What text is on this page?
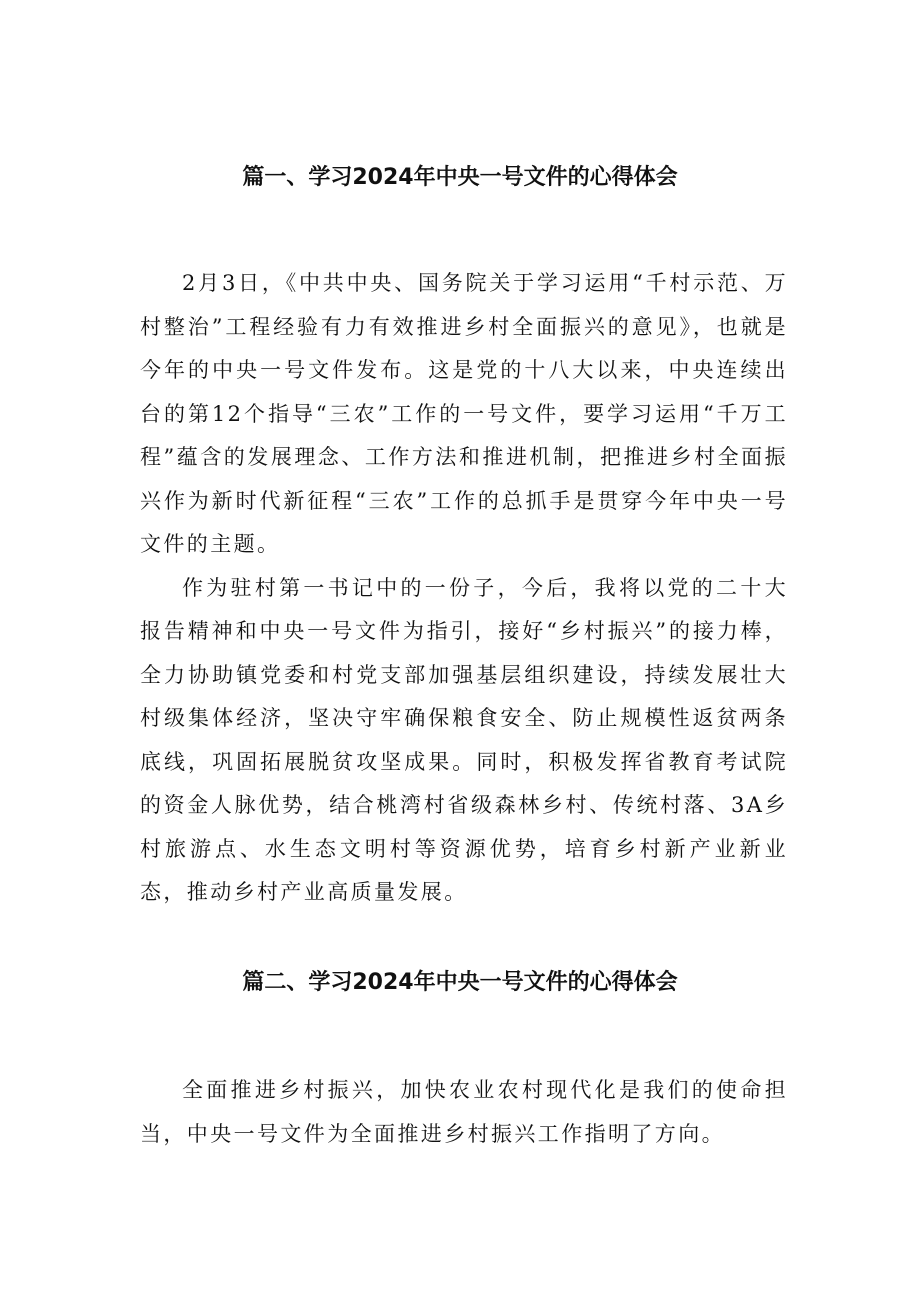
篇一、学习2024年中央一号文件的心得体会

2月3日，《中共中央、国务院关于学习运用“千村示范、万村整治”工程经验有力有效推进乡村全面振兴的意见》，也就是今年的中央一号文件发布。这是党的十八大以来，中央连续出台的第12个指导“三农”工作的一号文件，要学习运用“千万工程”蕴含的发展理念、工作方法和推进机制，把推进乡村全面振兴作为新时代新征程“三农”工作的总抓手是贯穿今年中央一号文件的主题。

作为驻村第一书记中的一份子，今后，我将以党的二十大报告精神和中央一号文件为指引，接好“乡村振兴”的接力棒，全力协助镇党委和村党支部加强基层组织建设，持续发展壮大村级集体经济，坚决守牢确保粮食安全、防止规模性返贫两条底线，巩固拓展脱贫攻坚成果。同时，积极发挥省教育考试院的资金人脉优势，结合桃湾村省级森林乡村、传统村落、3A乡村旅游点、水生态文明村等资源优势，培育乡村新产业新业态，推动乡村产业高质量发展。

篇二、学习2024年中央一号文件的心得体会

全面推进乡村振兴，加快农业农村现代化是我们的使命担当，中央一号文件为全面推进乡村振兴工作指明了方向。
